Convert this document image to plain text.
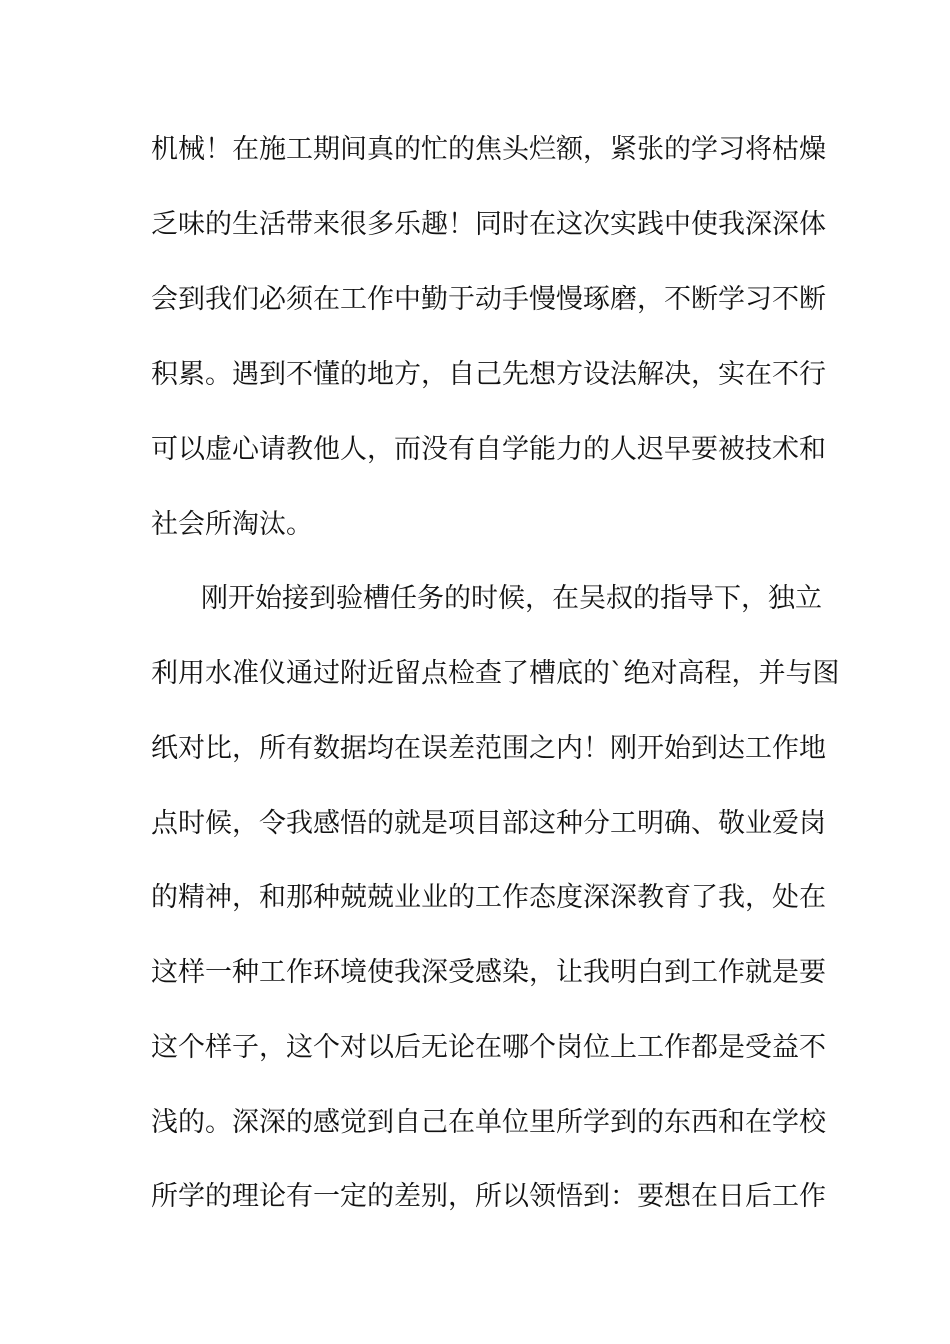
机械！在施工期间真的忙的焦头烂额，紧张的学习将枯燥
乏味的生活带来很多乐趣！同时在这次实践中使我深深体
会到我们必须在工作中勤于动手慢慢琢磨，不断学习不断
积累。遇到不懂的地方，自己先想方设法解决，实在不行
可以虚心请教他人，而没有自学能力的人迟早要被技术和
社会所淘汰。
刚开始接到验槽任务的时候，在吴叔的指导下，独立
利用水准仪通过附近留点检查了槽底的`绝对高程，并与图
纸对比，所有数据均在误差范围之内！刚开始到达工作地
点时候，令我感悟的就是项目部这种分工明确、敬业爱岗
的精神，和那种兢兢业业的工作态度深深教育了我，处在
这样一种工作环境使我深受感染，让我明白到工作就是要
这个样子，这个对以后无论在哪个岗位上工作都是受益不
浅的。深深的感觉到自己在单位里所学到的东西和在学校
所学的理论有一定的差别，所以领悟到：要想在日后工作
